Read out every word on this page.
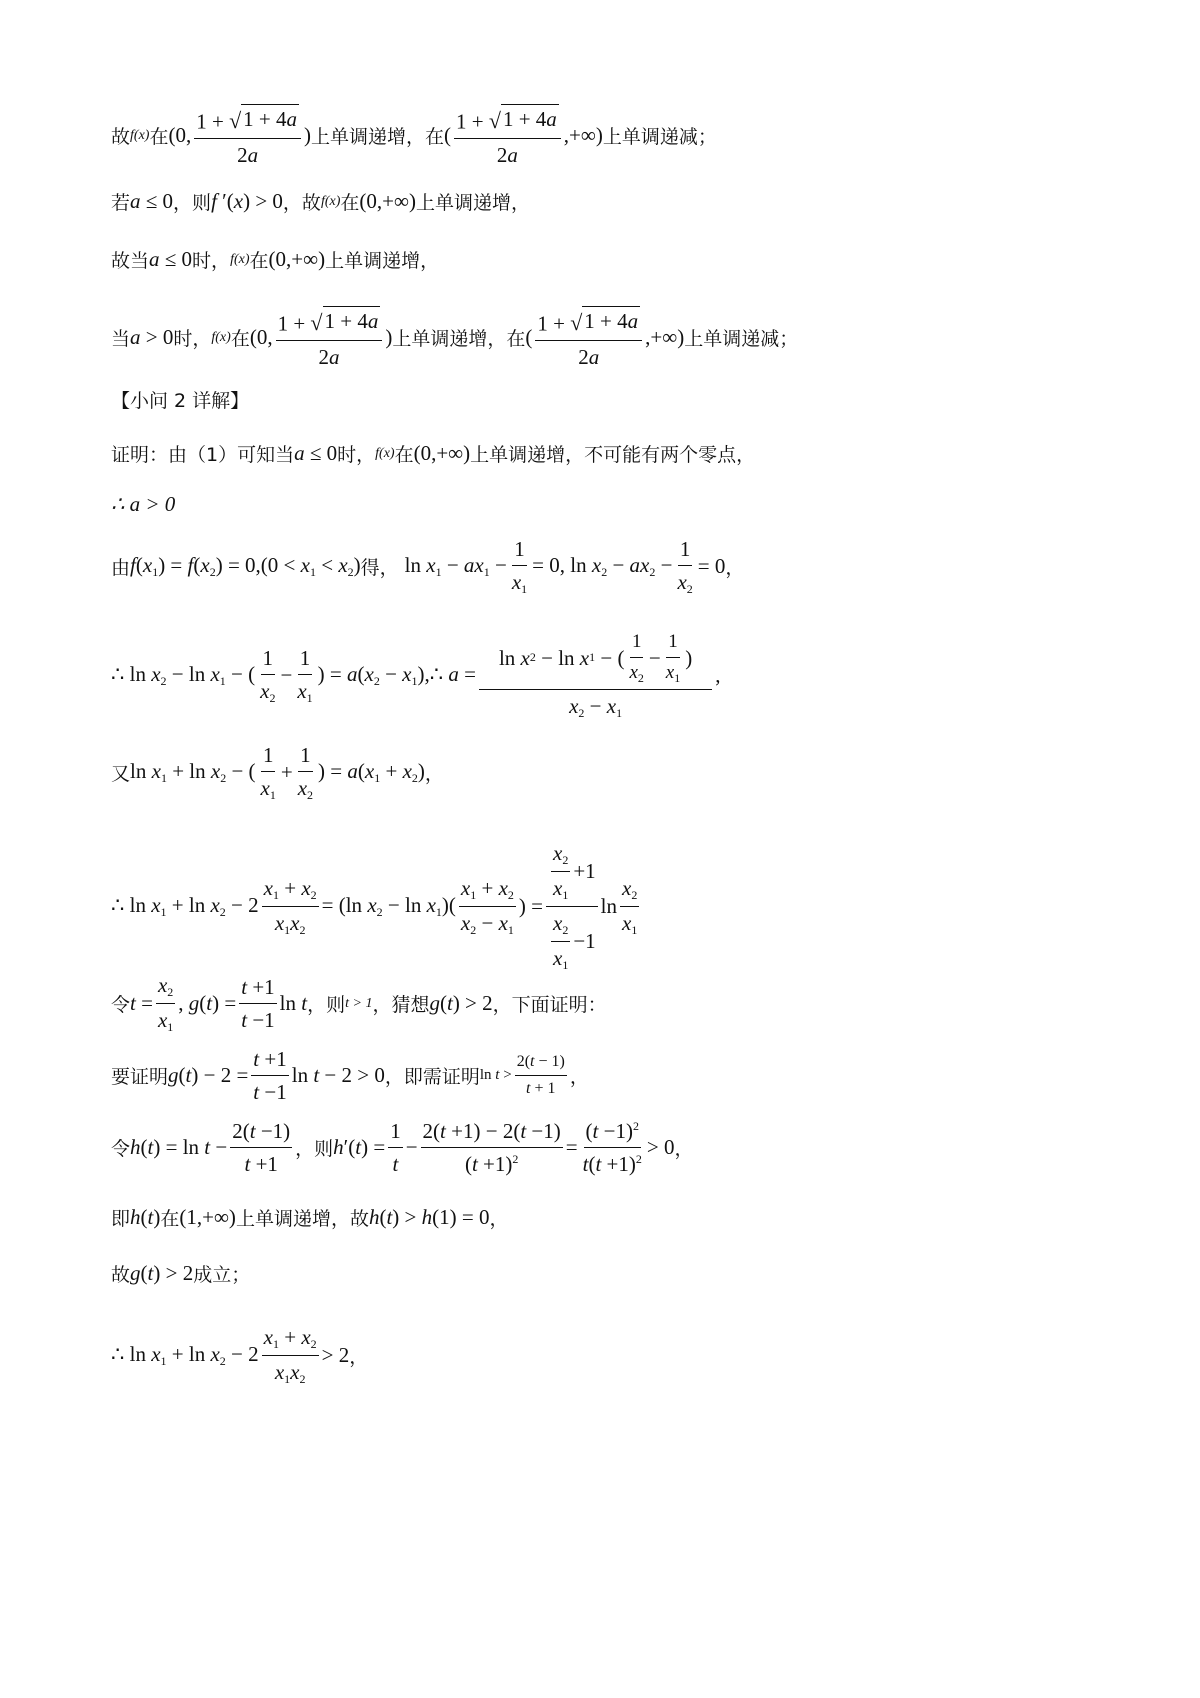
故 f(x) 在 (0, $\frac{1 + √ 1 + 4a}{2a}$ ) 上单调递增， 在 ( $\frac{1 + √ 1 + 4a}{2a}$ ,+∞) 上单调递减；
若 a ≤ 0 ，则 f ′(x) > 0 ，故 f(x) 在 (0,+∞) 上单调递增，
故当 a ≤ 0 时， f(x) 在 (0,+∞) 上单调递增，
当 a > 0 时， f(x) 在 (0, $\frac{1 + √ 1 + 4a}{2a}$ ) 上单调递增， 在 ( $\frac{1 + √ 1 + 4a}{2a}$ ,+∞) 上单调递减；
【小问 2 详解】
证明：由（1）可知当 a ≤ 0 时， f(x) 在 (0,+∞) 上单调递增，不可能有两个零点，
∴ a > 0
由 $f(x_1) = f(x_2) = 0,(0 < x_1 < x_2)$ 得， $\ln x_1 - ax_1 - \frac{1}{x_1} = 0$, $\ln x_2 - ax_2 - \frac{1}{x_2} = 0$ ，
∴ $\ln x_2 - \ln x_1$ − ( $\frac{1}{x_2} - \frac{1}{x_1}$ ) = $a(x_2$ − $x_1),\therefore$ $a = \frac{\ln x 2 - \ln x 1 - ( \frac{1}{x_2} - \frac{1}{x_1} )}{x_2 - x_1}$ ,
又 $\ln x_1 + \ln x_2$ − ( $\frac{1}{x_1} + \frac{1}{x_2}$ ) = $a(x_1 + x_2)$ ，
∴ $\ln x_1 + \ln x_2 - 2 \frac{x_1 + x_2}{x_1x_2} = (\ln$ $x_2 - \ln x_1)( \frac{x_1 + x_2}{x_2 - x_1}$ ) = $\frac{\frac{x_2}{x_1} +1}{\frac{x_2}{x_1} -1}$ $\ln \frac{x_2}{x_1}$
令 $t = \frac{x_2}{x_1}$ , $g(t) = \frac{t +1}{t -1}$ ln t ，则 t > 1 ，猜想 g(t) > 2 ，下面证明：
要证明 $g(t) - 2 = \frac{t +1}{t -1}$ ln t − 2 > 0 ，即需证明 $\ln t > \frac{2(t - 1)}{t + 1}$ ，
令 $h(t) = \ln t - \frac{2(t -1)}{t +1}$ ，则 $h'(t) = \frac{1}{t} - \frac{2(t +1) - 2(t -1)}{(t +1)^2} = \frac{(t -1)^2}{t(t +1)^2} > 0$ ，
即 h(t) 在 (1,+∞) 上单调递增，故 h(t) > h(1) = 0 ，
故 g(t) > 2 成立；
∴ $\ln x_1 + \ln x_2 - 2 \frac{x_1 + x_2}{x_1x_2} > 2$ ，
